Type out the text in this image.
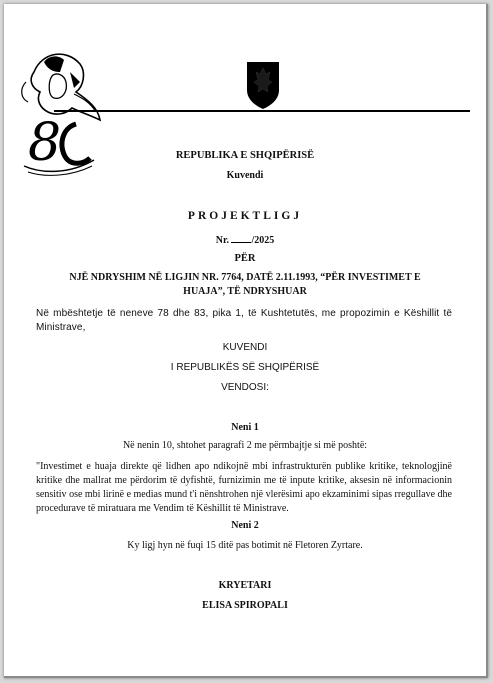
8	REPUBLIKA E SHQIPËRISË
Kuvendi
PROJEKTLIGJ
Nr. /2025
PËR
NJË NDRYSHIM NË LIGJIN NR. 7764, DATË 2.11.1993, “PËR INVESTIMET E
HUAJA”, TË NDRYSHUAR
Në mbështetje të neneve 78 dhe 83, pika 1, të Kushtetutës, me propozimin e Këshillit të Ministrave,
KUVENDI
I REPUBLIKËS SË SHQIPËRISË
VENDOSI:
Neni 1
Në nenin 10, shtohet paragrafi 2 me përmbajtje si më poshtë:
"Investimet e huaja direkte që lidhen apo ndikojnë mbi infrastrukturën publike kritike, teknologjinë kritike dhe mallrat me përdorim të dyfishtë, furnizimin me të inpute kritike, aksesin në informacionin sensitiv ose mbi lirinë e medias mund t'i nënshtrohen një vlerësimi apo ekzaminimi sipas rregullave dhe procedurave të miratuara me Vendim të Këshillit të Ministrave.
Neni 2
Ky ligj hyn në fuqi 15 ditë pas botimit në Fletoren Zyrtare.
KRYETARI
ELISA SPIROPALI
